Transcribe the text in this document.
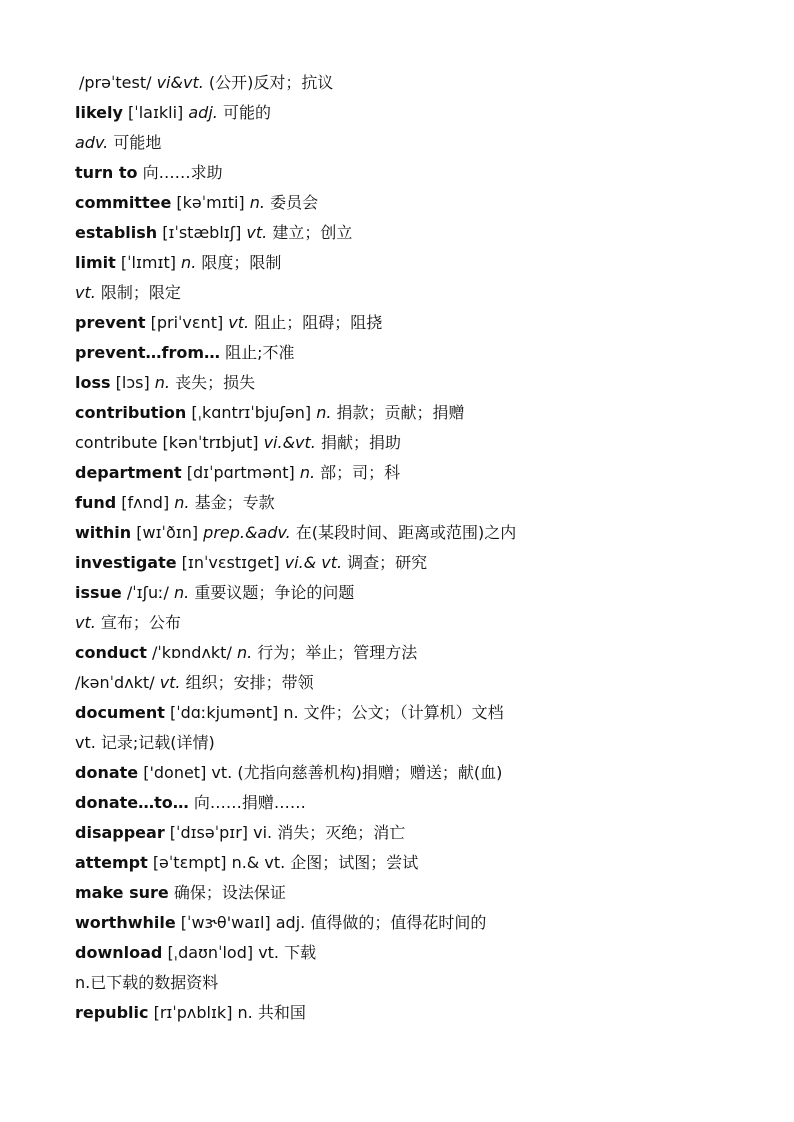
/prəˈtest/ vi&vt. (公开)反对；抗议
likely [ˈlaɪkli] adj. 可能的
adv. 可能地
turn to 向……求助
committee [kəˈmɪti] n. 委员会
establish [ɪˈstæblɪʃ] vt. 建立；创立
limit [ˈlɪmɪt] n. 限度；限制
vt. 限制；限定
prevent [priˈvɛnt] vt. 阻止；阻碍；阻挠
prevent…from… 阻止;不准
loss [lɔs] n. 丧失；损失
contribution [ˌkɑntrɪˈbjuʃən] n. 捐款；贡献；捐赠
contribute [kənˈtrɪbjut] vi.&vt. 捐献；捐助
department [dɪˈpɑrtmənt] n. 部；司；科
fund [fʌnd] n. 基金；专款
within [wɪˈðɪn] prep.&adv. 在(某段时间、距离或范围)之内
investigate [ɪnˈvɛstɪget] vi.& vt. 调查；研究
issue /ˈɪʃuː/ n. 重要议题；争论的问题
vt. 宣布；公布
conduct /ˈkɒndʌkt/ n. 行为；举止；管理方法
/kənˈdʌkt/ vt. 组织；安排；带领
document [ˈdɑːkjumənt] n. 文件；公文；（计算机）文档
vt. 记录;记载(详情)
donate ['donet] vt. (尤指向慈善机构)捐赠；赠送；献(血)
donate…to… 向……捐赠……
disappear [ˈdɪsəˈpɪr] vi. 消失；灭绝；消亡
attempt [əˈtɛmpt] n.& vt. 企图；试图；尝试
make sure 确保；设法保证
worthwhile [ˈwɝθ'waɪl] adj. 值得做的；值得花时间的
download [ˌdaʊnˈlod] vt. 下载
n.已下载的数据资料
republic [rɪˈpʌblɪk] n. 共和国
